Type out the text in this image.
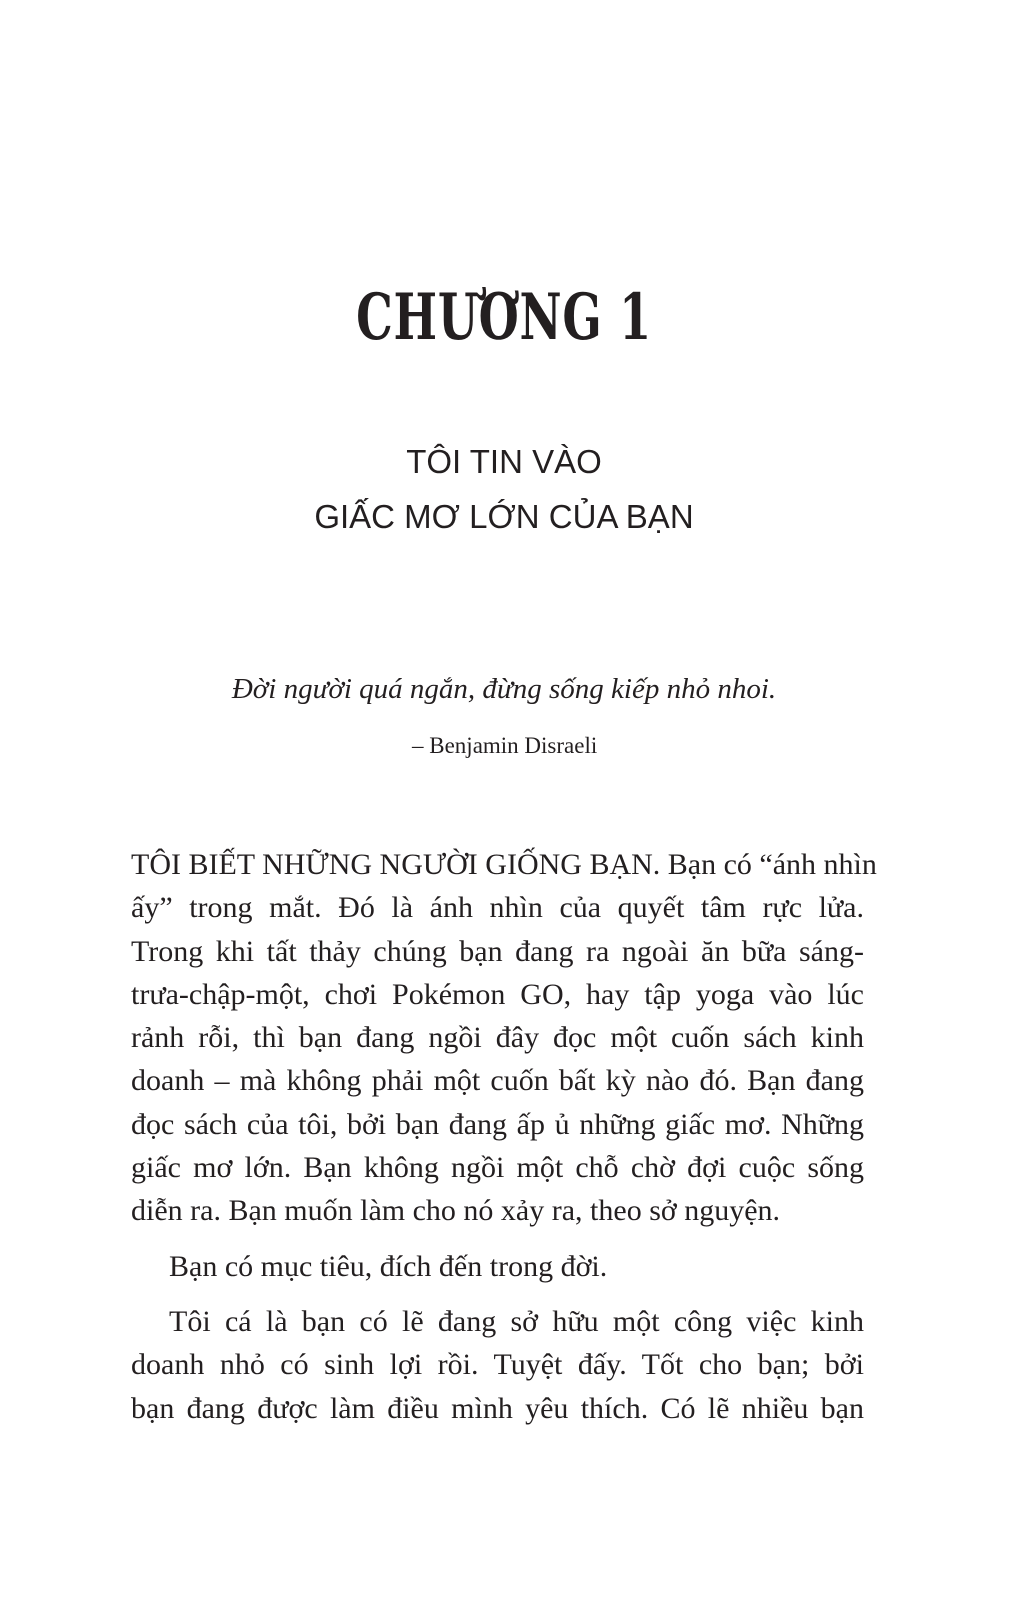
CHƯƠNG 1

TÔI TIN VÀO

GIẤC MƠ LỚN CỦA BẠN

Đời người quá ngắn, đừng sống kiếp nhỏ nhoi.

– Benjamin Disraeli

TÔI BIẾT NHỮNG NGƯỜI GIỐNG BẠN. Bạn có “ánh nhìn
ấy” trong mắt. Đó là ánh nhìn của quyết tâm rực lửa.
Trong khi tất thảy chúng bạn đang ra ngoài ăn bữa sáng-
trưa-chập-một, chơi Pokémon GO, hay tập yoga vào lúc
rảnh rỗi, thì bạn đang ngồi đây đọc một cuốn sách kinh
doanh – mà không phải một cuốn bất kỳ nào đó. Bạn đang
đọc sách của tôi, bởi bạn đang ấp ủ những giấc mơ. Những
giấc mơ lớn. Bạn không ngồi một chỗ chờ đợi cuộc sống
diễn ra. Bạn muốn làm cho nó xảy ra, theo sở nguyện.
Bạn có mục tiêu, đích đến trong đời.
Tôi cá là bạn có lẽ đang sở hữu một công việc kinh
doanh nhỏ có sinh lợi rồi. Tuyệt đấy. Tốt cho bạn; bởi
bạn đang được làm điều mình yêu thích. Có lẽ nhiều bạn
